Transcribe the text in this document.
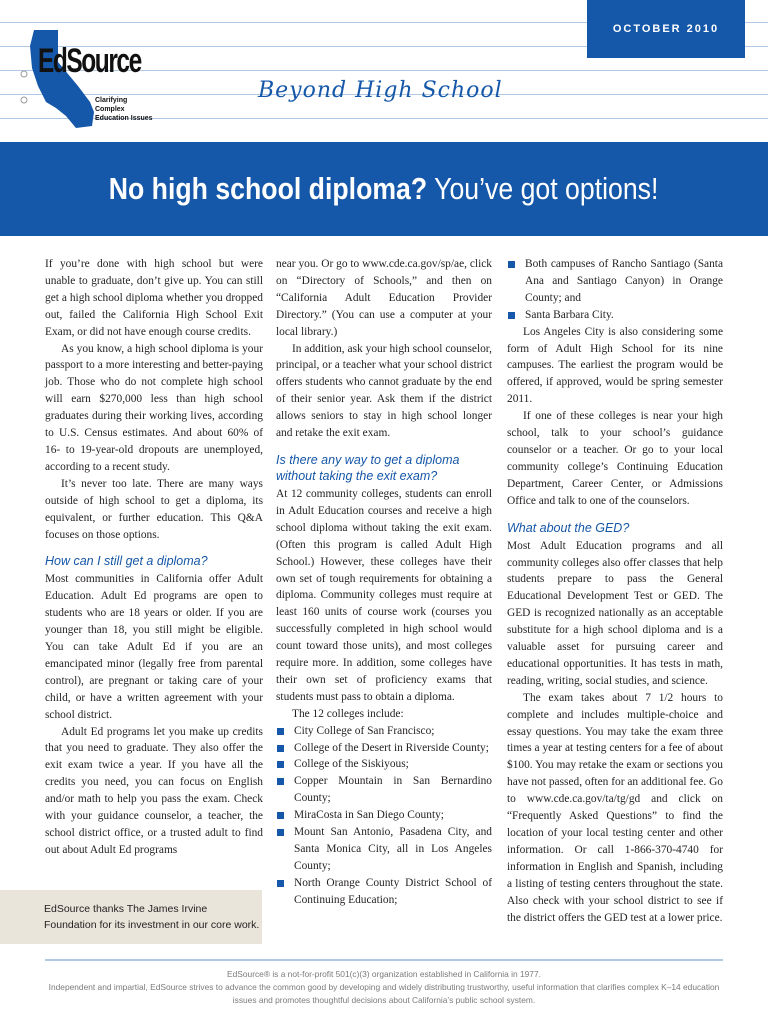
OCTOBER 2010
EdSource
Clarifying Complex Education Issues
Beyond High School
No high school diploma? You’ve got options!

If you’re done with high school but were unable to graduate, don’t give up. You can still get a high school diploma whether you dropped out, failed the California High School Exit Exam, or did not have enough course credits.

As you know, a high school diploma is your passport to a more interesting and better-paying job. Those who do not complete high school will earn $270,000 less than high school graduates during their working lives, according to U.S. Census estimates. And about 60% of 16- to 19-year-old dropouts are unemployed, according to a recent study.

It’s never too late. There are many ways outside of high school to get a diploma, its equivalent, or further education. This Q&A focuses on those options.

How can I still get a diploma?

Most communities in California offer Adult Education. Adult Ed programs are open to students who are 18 years or older. If you are younger than 18, you still might be eligible. You can take Adult Ed if you are an emancipated minor (legally free from parental control), are pregnant or taking care of your child, or have a written agreement with your school district.

Adult Ed programs let you make up credits that you need to graduate. They also offer the exit exam twice a year. If you have all the credits you need, you can focus on English and/or math to help you pass the exam. Check with your guidance counselor, a teacher, the school district office, or a trusted adult to find out about Adult Ed programs

near you. Or go to www.cde.ca.gov/sp/ae, click on “Directory of Schools,” and then on “California Adult Education Provider Directory.” (You can use a computer at your local library.)

In addition, ask your high school counselor, principal, or a teacher what your school district offers students who cannot graduate by the end of their senior year. Ask them if the district allows seniors to stay in high school longer and retake the exit exam.

Is there any way to get a diploma without taking the exit exam?

At 12 community colleges, students can enroll in Adult Education courses and receive a high school diploma without taking the exit exam. (Often this program is called Adult High School.) However, these colleges have their own set of tough requirements for obtaining a diploma. Community colleges must require at least 160 units of course work (courses you successfully completed in high school would count toward those units), and most colleges require more. In addition, some colleges have their own set of proficiency exams that students must pass to obtain a diploma.

The 12 colleges include:

City College of San Francisco;
College of the Desert in Riverside County;
College of the Siskiyous;
Copper Mountain in San Bernardino County;
MiraCosta in San Diego County;
Mount San Antonio, Pasadena City, and Santa Monica City, all in Los Angeles County;
North Orange County District School of Continuing Education;
Both campuses of Rancho Santiago (Santa Ana and Santiago Canyon) in Orange County; and
Santa Barbara City.

Los Angeles City is also considering some form of Adult High School for its nine campuses. The earliest the program would be offered, if approved, would be spring semester 2011.

If one of these colleges is near your high school, talk to your school’s guidance counselor or a teacher. Or go to your local community college’s Continuing Education Department, Career Center, or Admissions Office and talk to one of the counselors.

What about the GED?

Most Adult Education programs and all community colleges also offer classes that help students prepare to pass the General Educational Development Test or GED. The GED is recognized nationally as an acceptable substitute for a high school diploma and is a valuable asset for pursuing career and educational opportunities. It has tests in math, reading, writing, social studies, and science.

The exam takes about 7 1/2 hours to complete and includes multiple-choice and essay questions. You may take the exam three times a year at testing centers for a fee of about $100. You may retake the exam or sections you have not passed, often for an additional fee. Go to www.cde.ca.gov/ta/tg/gd and click on “Frequently Asked Questions” to find the location of your local testing center and other information. Or call 1-866-370-4740 for information in English and Spanish, including a listing of testing centers throughout the state. Also check with your school district to see if the district offers the GED test at a lower price.

EdSource thanks The James Irvine Foundation for its investment in our core work.
EdSource® is a not-for-profit 501(c)(3) organization established in California in 1977.
Independent and impartial, EdSource strives to advance the common good by developing and widely distributing trustworthy, useful information that clarifies complex K–14 education issues and promotes thoughtful decisions about California’s public school system.
